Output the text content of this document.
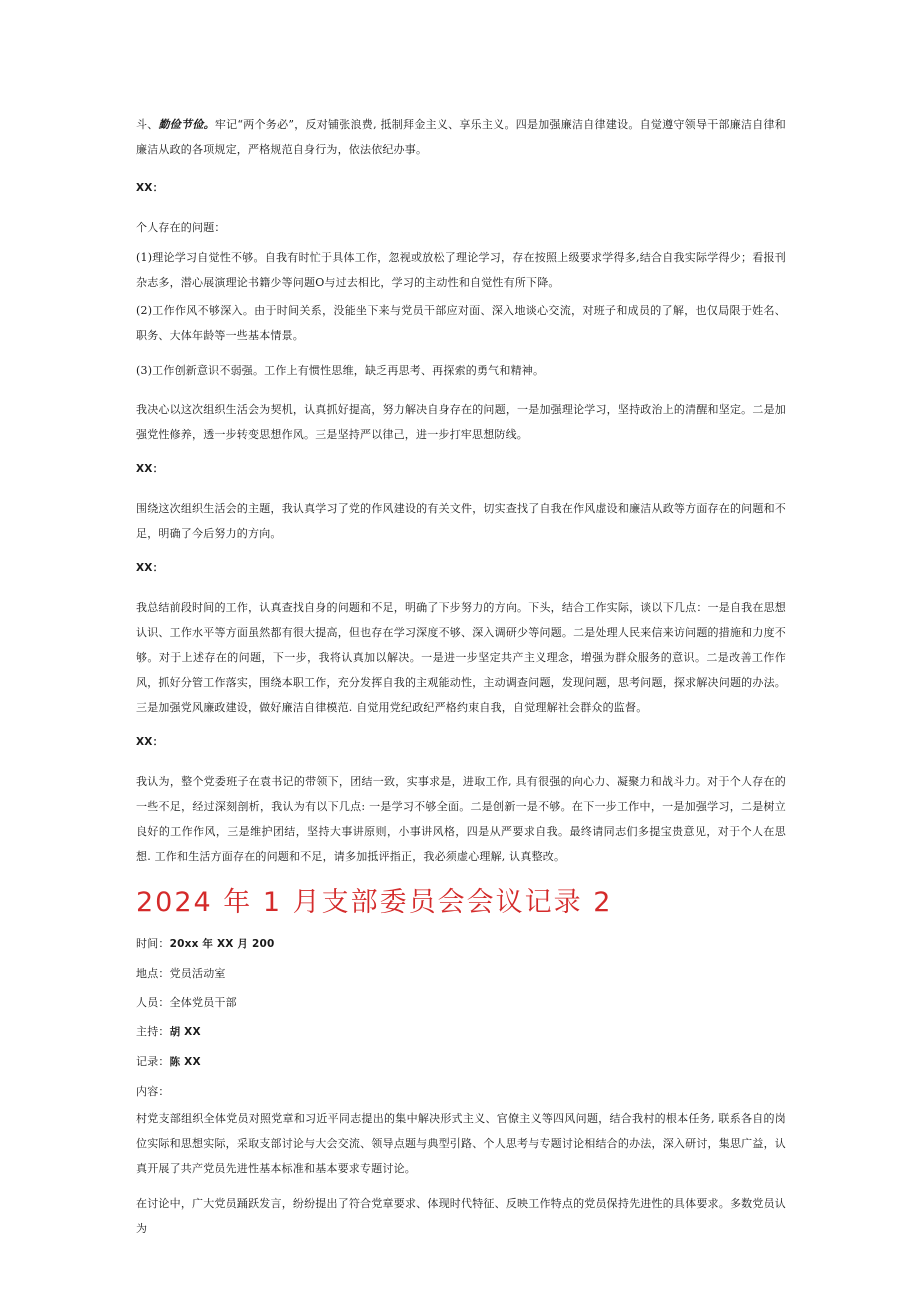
斗、勤俭节俭。牢记“两个务必”，反对铺张浪费, 抵制拜金主义、享乐主义。四是加强廉洁自律建设。自觉遵守领导干部廉洁自律和廉洁从政的各项规定，严格规范自身行为，依法依纪办事。

XX：

个人存在的问题：

(1)理论学习自觉性不够。自我有时忙于具体工作，忽视或放松了理论学习，存在按照上级要求学得多,结合自我实际学得少；看报刊杂志多，潜心展演理论书籍少等问题O与过去相比，学习的主动性和自觉性有所下降。

(2)工作作风不够深入。由于时间关系，没能坐下来与党员干部应对面、深入地谈心交流，对班子和成员的了解，也仅局限于姓名、职务、大体年龄等一些基本情景。

(3)工作创新意识不弱强。工作上有惯性思维，缺乏再思考、再探索的勇气和精神。

我决心以这次组织生活会为契机，认真抓好提高，努力解决自身存在的问题，一是加强理论学习，坚持政治上的清醒和坚定。二是加强党性修养，透一步转变思想作风。三是坚持严以律己，进一步打牢思想防线。

XX：

围绕这次组织生活会的主题，我认真学习了党的作风建设的有关文件，切实查找了自我在作风虚设和廉洁从政等方面存在的问题和不足，明确了今后努力的方向。

XX：

我总结前段时间的工作，认真查找自身的问题和不足，明确了下步努力的方向。下头，结合工作实际，谈以下几点：一是自我在思想认识、工作水平等方面虽然都有很大提高，但也存在学习深度不够、深入调研少等问题。二是处理人民来信来访问题的措施和力度不够。对于上述存在的问题，下一步，我将认真加以解决。一是进一步坚定共产主义理念，增强为群众服务的意识。二是改善工作作风，抓好分管工作落实，围绕本职工作，充分发挥自我的主观能动性，主动调查问题，发现问题，思考问题，探求解决问题的办法。三是加强党风廉政建设，做好廉洁自律模范. 自觉用党纪政纪严格约束自我，自觉理解社会群众的监督。

XX：

我认为，整个党委班子在袁书记的带领下，团结一致，实事求是，进取工作, 具有很强的向心力、凝聚力和战斗力。对于个人存在的一些不足，经过深刻剖析，我认为有以下几点: 一是学习不够全面。二是创新一是不够。在下一步工作中，一是加强学习，二是树立良好的工作作风，三是维护团结，坚持大事讲原则，小事讲风格，四是从严要求自我。最终请同志们多提宝贵意见，对于个人在思想. 工作和生活方面存在的问题和不足，请多加抵评指正，我必须虚心理解, 认真整改。

2024 年 1 月支部委员会会议记录 2

时间：20xx 年 XX 月 200

地点：党员活动室

人员：全体党员干部

主持：胡 XX

记录：陈 XX

内容：

村党支部组织全体党员对照党章和习近平同志提出的集中解决形式主义、官僚主义等四风问题，结合我村的根本任务, 联系各自的岗位实际和思想实际，采取支部讨论与大会交流、领导点题与典型引路、个人思考与专题讨论相结合的办法，深入研讨，集思广益，认真开展了共产党员先进性基本标准和基本要求专题讨论。

在讨论中，广大党员踊跃发言，纷纷提出了符合党章要求、体现时代特征、反映工作特点的党员保持先进性的具体要求。多数党员认为
